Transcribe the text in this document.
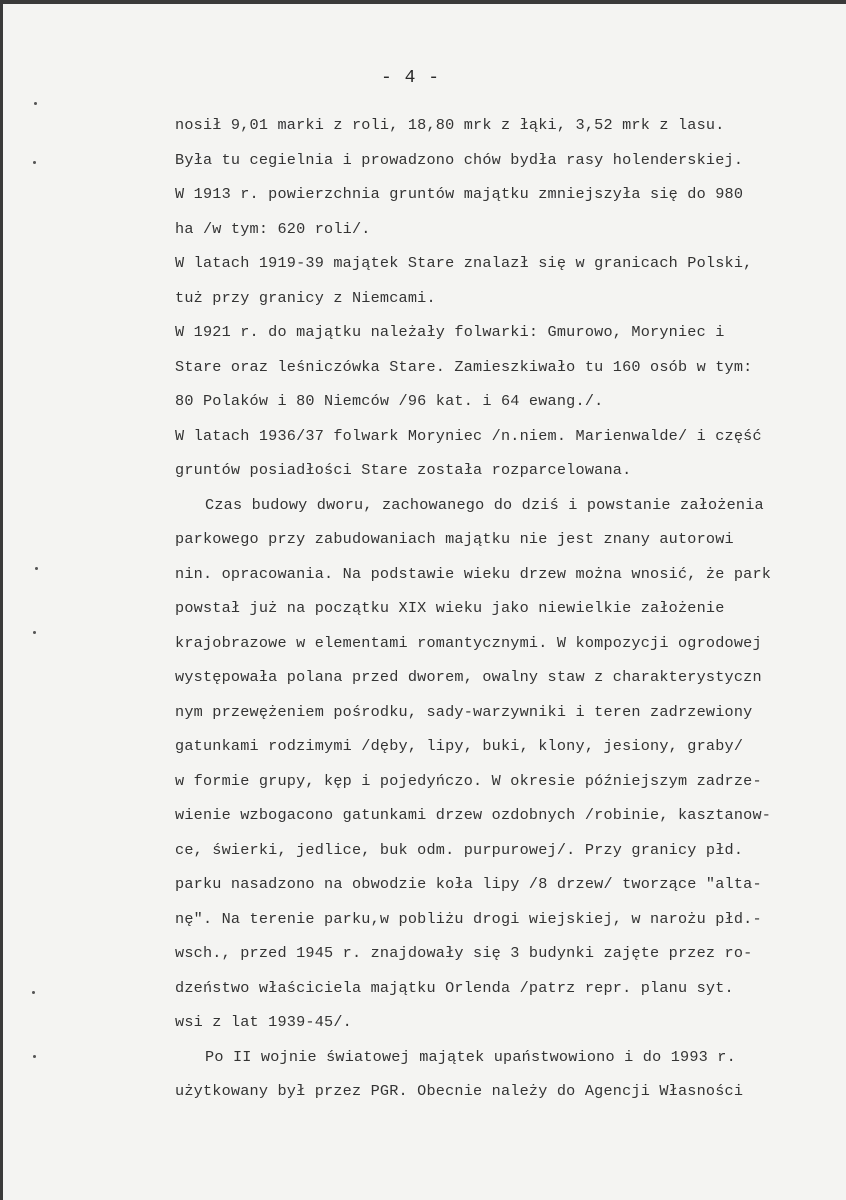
- 4 -
nosił 9,01 marki z roli, 18,80 mrk z łąki, 3,52 mrk z lasu.
Była tu cegielnia i prowadzono chów bydła rasy holenderskiej.
W 1913 r. powierzchnia gruntów majątku zmniejszyła się do 980
ha /w tym: 620 roli/.
W latach 1919-39 majątek Stare znalazł się w granicach Polski,
tuż przy granicy z Niemcami.
W 1921 r. do majątku należały folwarki: Gmurowo, Moryniec i
Stare oraz leśniczówka Stare. Zamieszkiwało tu 160 osób w tym:
80 Polaków i 80 Niemców /96 kat. i 64 ewang./.
W latach 1936/37 folwark Moryniec /n.niem. Marienwalde/ i część
gruntów posiadłości Stare została rozparcelowana.
Czas budowy dworu, zachowanego do dziś i powstanie założenia
parkowego przy zabudowaniach majątku nie jest znany autorowi
nin. opracowania. Na podstawie wieku drzew można wnosić, że park
powstał już na początku XIX wieku jako niewielkie założenie
krajobrazowe w elementami romantycznymi. W kompozycji ogrodowej
występowała polana przed dworem, owalny staw z charakterystyczn
nym przewężeniem pośrodku, sady-warzywniki i teren zadrzewiony
gatunkami rodzimymi /dęby, lipy, buki, klony, jesiony, graby/
w formie grupy, kęp i pojedyńczo. W okresie późniejszym zadrze-
wienie wzbogacono gatunkami drzew ozdobnych /robinie, kasztanow-
ce, świerki, jedlice, buk odm. purpurowej/. Przy granicy płd.
parku nasadzono na obwodzie koła lipy /8 drzew/ tworzące "alta-
nę". Na terenie parku,w pobliżu drogi wiejskiej, w narożu płd.-
wsch., przed 1945 r. znajdowały się 3 budynki zajęte przez ro-
dzeństwo właściciela majątku Orlenda /patrz repr. planu syt.
wsi z lat 1939-45/.
Po II wojnie światowej majątek upaństwowiono i do 1993 r.
użytkowany był przez PGR. Obecnie należy do Agencji Własności
